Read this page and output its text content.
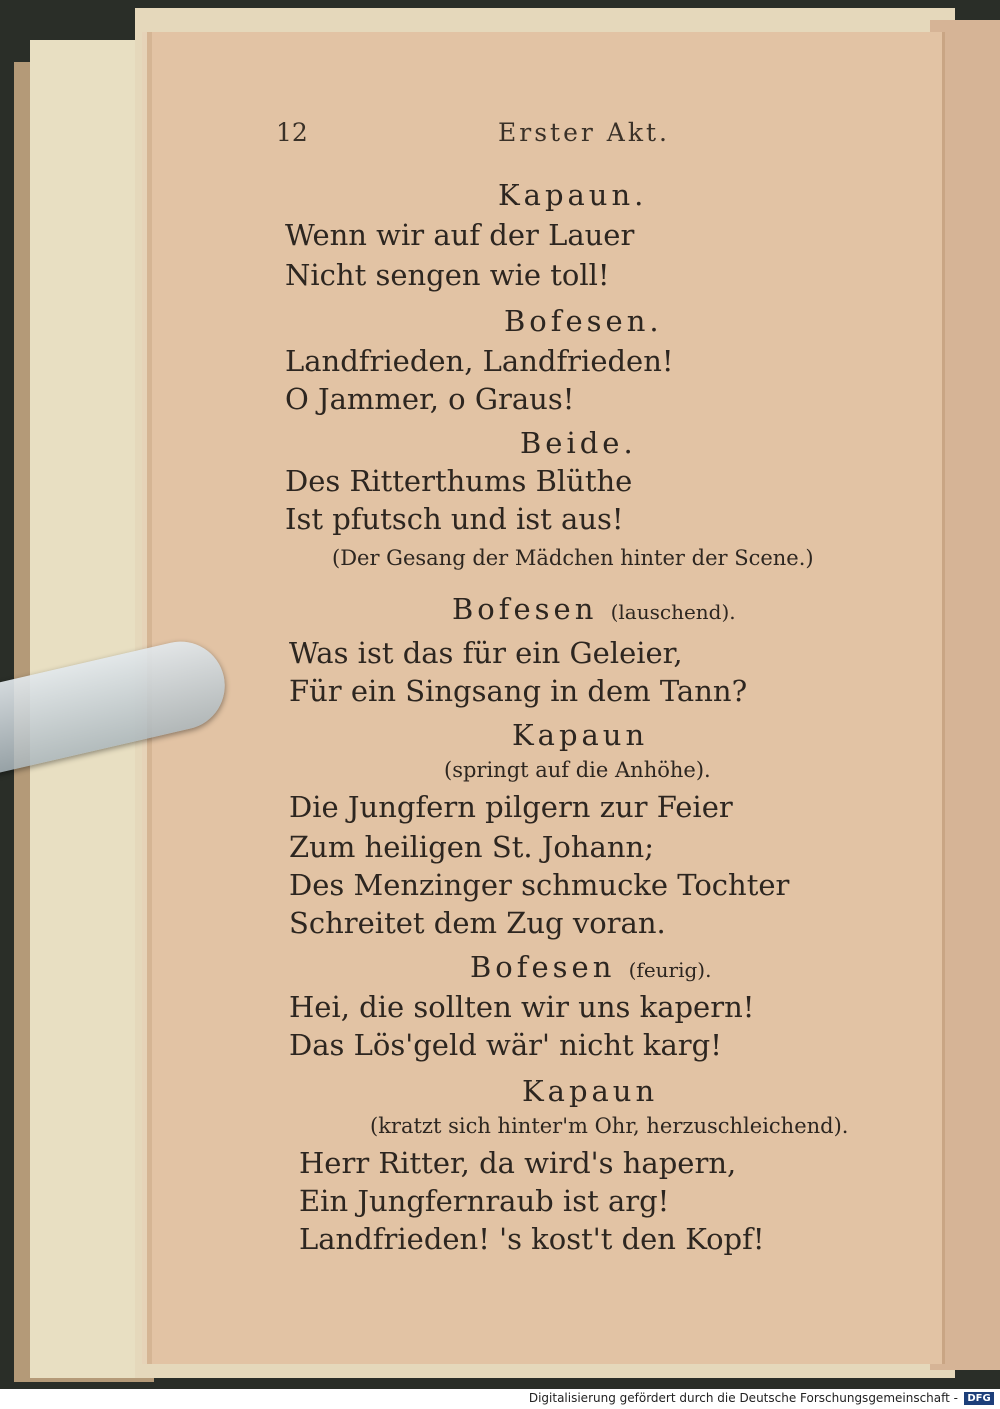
12	Erster Akt.
Kapaun.
Wenn wir auf der Lauer
Nicht sengen wie toll!
Bofesen.
Landfrieden, Landfrieden!
O Jammer, o Graus!
Beide.
Des Ritterthums Blüthe
Ist pfutsch und ist aus!
(Der Gesang der Mädchen hinter der Scene.)
Bofesen (lauschend).
Was ist das für ein Geleier,
Für ein Singsang in dem Tann?
Kapaun
(springt auf die Anhöhe).
Die Jungfern pilgern zur Feier
Zum heiligen St. Johann;
Des Menzinger schmucke Tochter
Schreitet dem Zug voran.
Bofesen (feurig).
Hei, die sollten wir uns kapern!
Das Lös'geld wär' nicht karg!
Kapaun
(kratzt sich hinter'm Ohr, herzuschleichend).
Herr Ritter, da wird's hapern,
Ein Jungfernraub ist arg!
Landfrieden! 's kost't den Kopf!
Digitalisierung gefördert durch die Deutsche Forschungsgemeinschaft - DFG
